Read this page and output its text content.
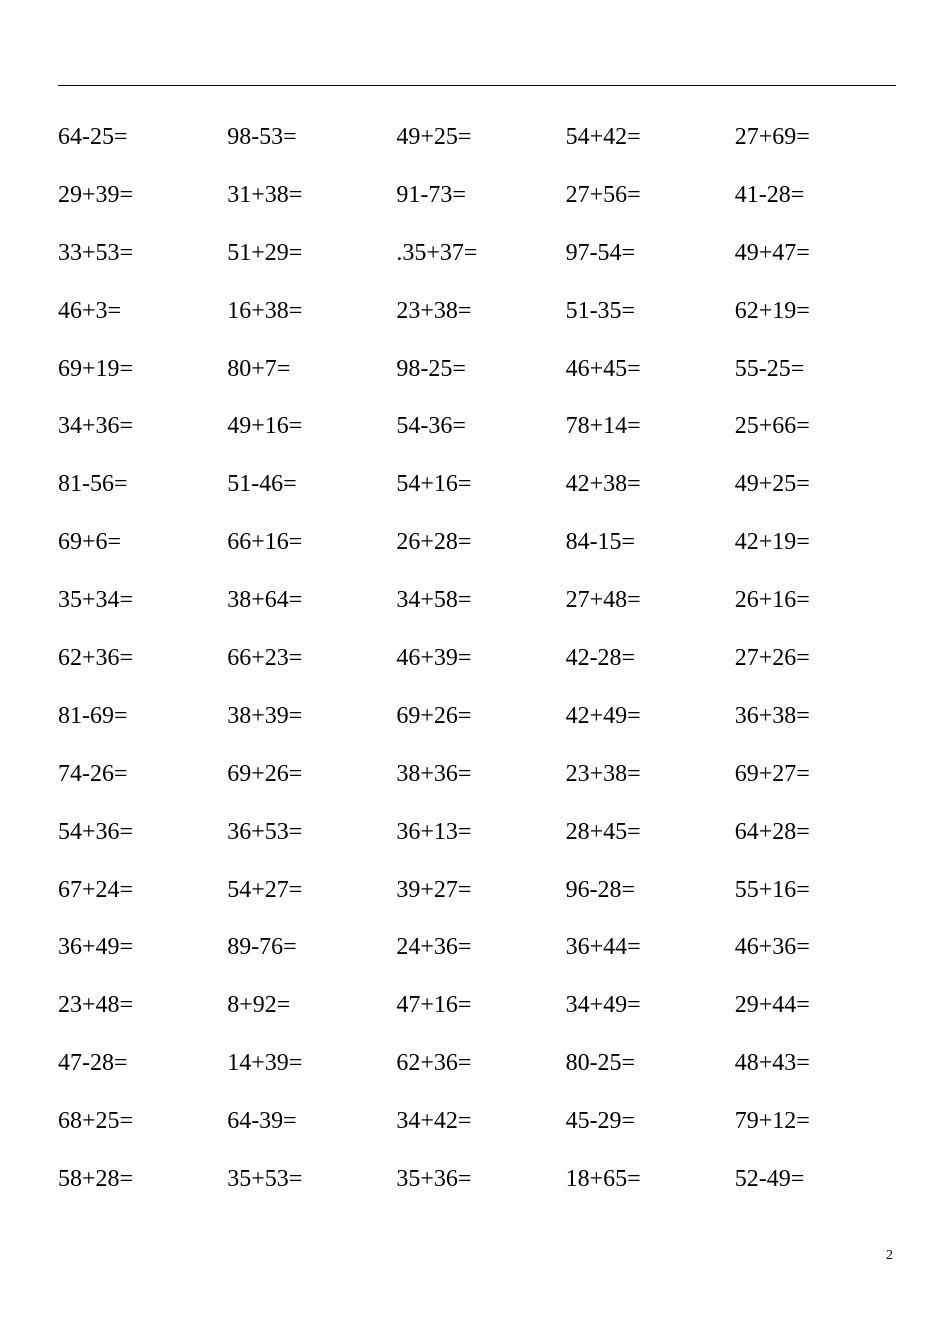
64-25=	98-53=	49+25=	54+42=	27+69=
29+39=	31+38=	91-73=	27+56=	41-28=
33+53=	51+29=	.35+37=	97-54=	49+47=
46+3=	16+38=	23+38=	51-35=	62+19=
69+19=	80+7=	98-25=	46+45=	55-25=
34+36=	49+16=	54-36=	78+14=	25+66=
81-56=	51-46=	54+16=	42+38=	49+25=
69+6=	66+16=	26+28=	84-15=	42+19=
35+34=	38+64=	34+58=	27+48=	26+16=
62+36=	66+23=	46+39=	42-28=	27+26=
81-69=	38+39=	69+26=	42+49=	36+38=
74-26=	69+26=	38+36=	23+38=	69+27=
54+36=	36+53=	36+13=	28+45=	64+28=
67+24=	54+27=	39+27=	96-28=	55+16=
36+49=	89-76=	24+36=	36+44=	46+36=
23+48=	8+92=	47+16=	34+49=	29+44=
47-28=	14+39=	62+36=	80-25=	48+43=
68+25=	64-39=	34+42=	45-29=	79+12=
58+28=	35+53=	35+36=	18+65=	52-49=
2
